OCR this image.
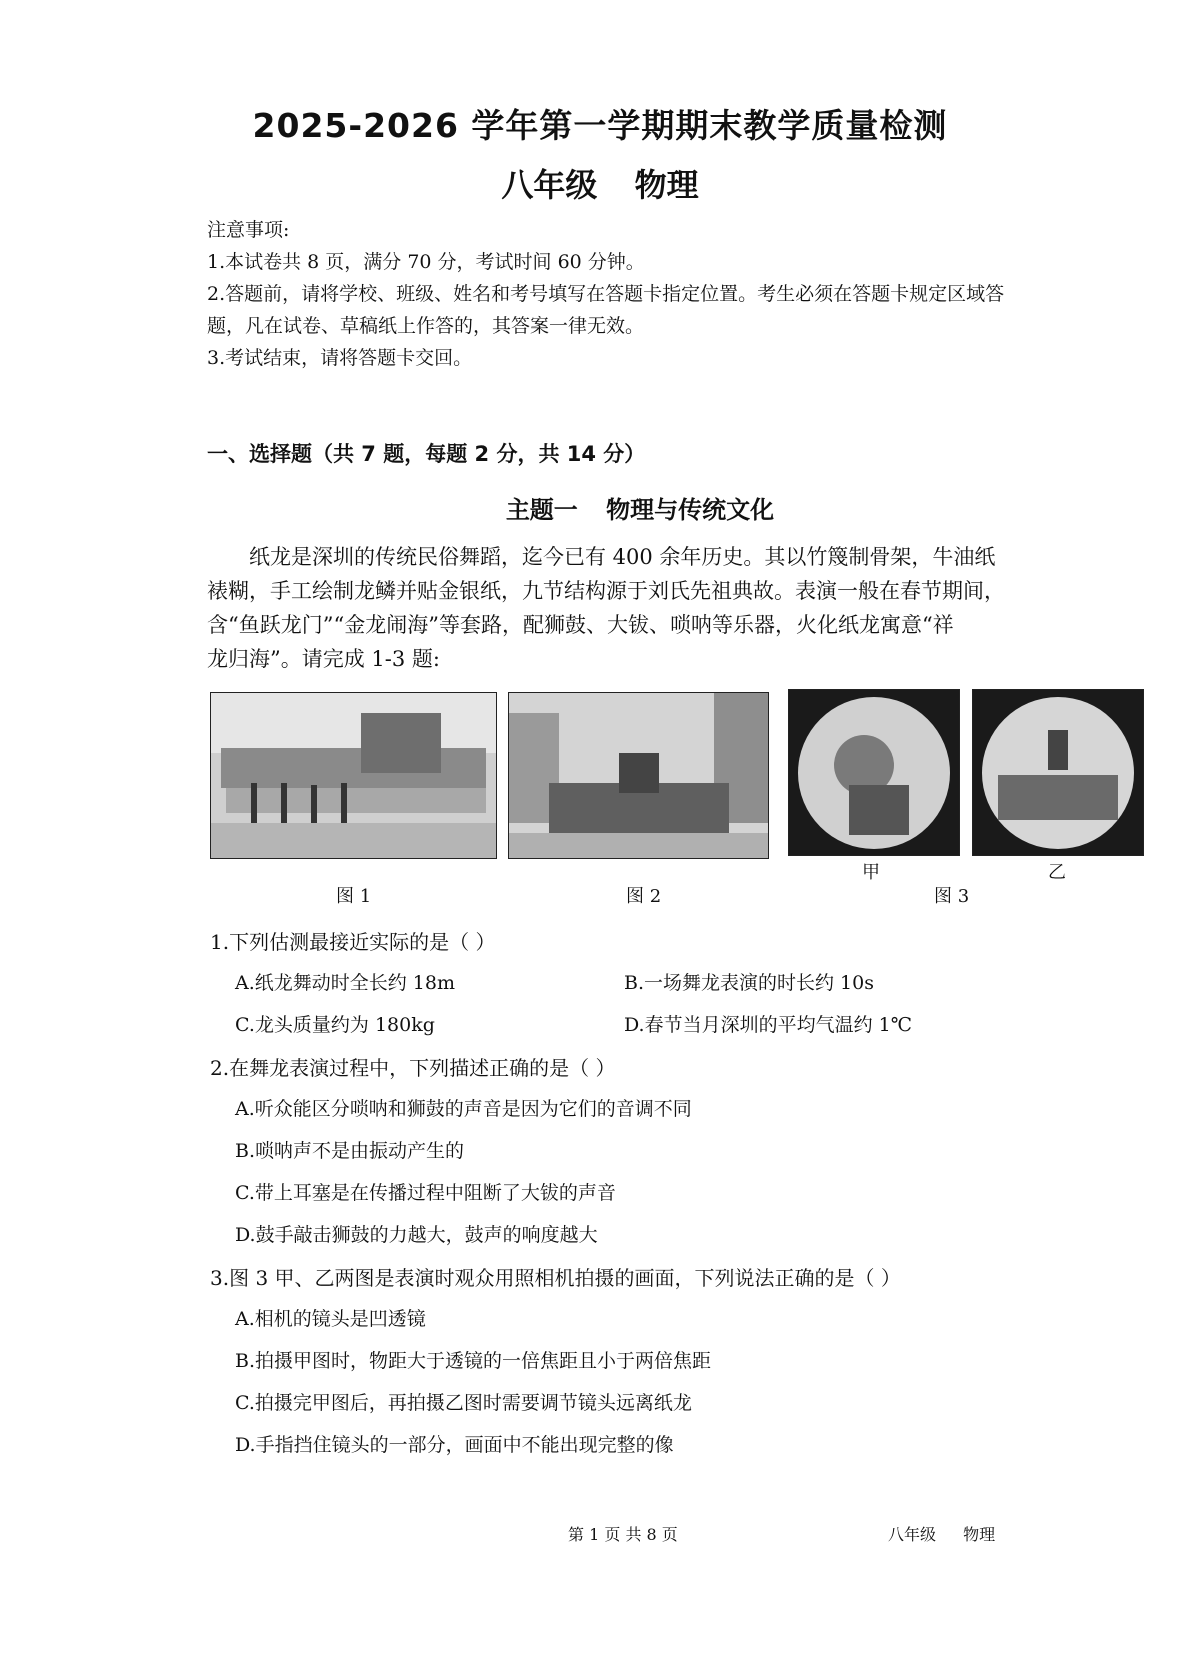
2025-2026 学年第一学期期末教学质量检测
八年级 物理
注意事项:
1.本试卷共 8 页，满分 70 分，考试时间 60 分钟。
2.答题前，请将学校、班级、姓名和考号填写在答题卡指定位置。考生必须在答题卡规定区域答
题，凡在试卷、草稿纸上作答的，其答案一律无效。
3.考试结束，请将答题卡交回。
一、选择题（共 7 题，每题 2 分，共 14 分）
主题一 物理与传统文化

纸龙是深圳的传统民俗舞蹈，迄今已有 400 余年历史。其以竹篾制骨架，牛油纸

裱糊，手工绘制龙鳞并贴金银纸，九节结构源于刘氏先祖典故。表演一般在春节期间，
含“鱼跃龙门”“金龙闹海”等套路，配狮鼓、大钹、唢呐等乐器，火化纸龙寓意“祥
龙归海”。请完成 1-3 题:
甲	乙
图 1	图 2	图 3
1.下列估测最接近实际的是（ ）
A.纸龙舞动时全长约 18m	B.一场舞龙表演的时长约 10s
C.龙头质量约为 180kg	D.春节当月深圳的平均气温约 1℃
2.在舞龙表演过程中，下列描述正确的是（ ）
A.听众能区分唢呐和狮鼓的声音是因为它们的音调不同
B.唢呐声不是由振动产生的
C.带上耳塞是在传播过程中阻断了大钹的声音
D.鼓手敲击狮鼓的力越大，鼓声的响度越大
3.图 3 甲、乙两图是表演时观众用照相机拍摄的画面，下列说法正确的是（ ）
A.相机的镜头是凹透镜
B.拍摄甲图时，物距大于透镜的一倍焦距且小于两倍焦距
C.拍摄完甲图后，再拍摄乙图时需要调节镜头远离纸龙
D.手指挡住镜头的一部分，画面中不能出现完整的像
第 1 页 共 8 页	八年级 物理
